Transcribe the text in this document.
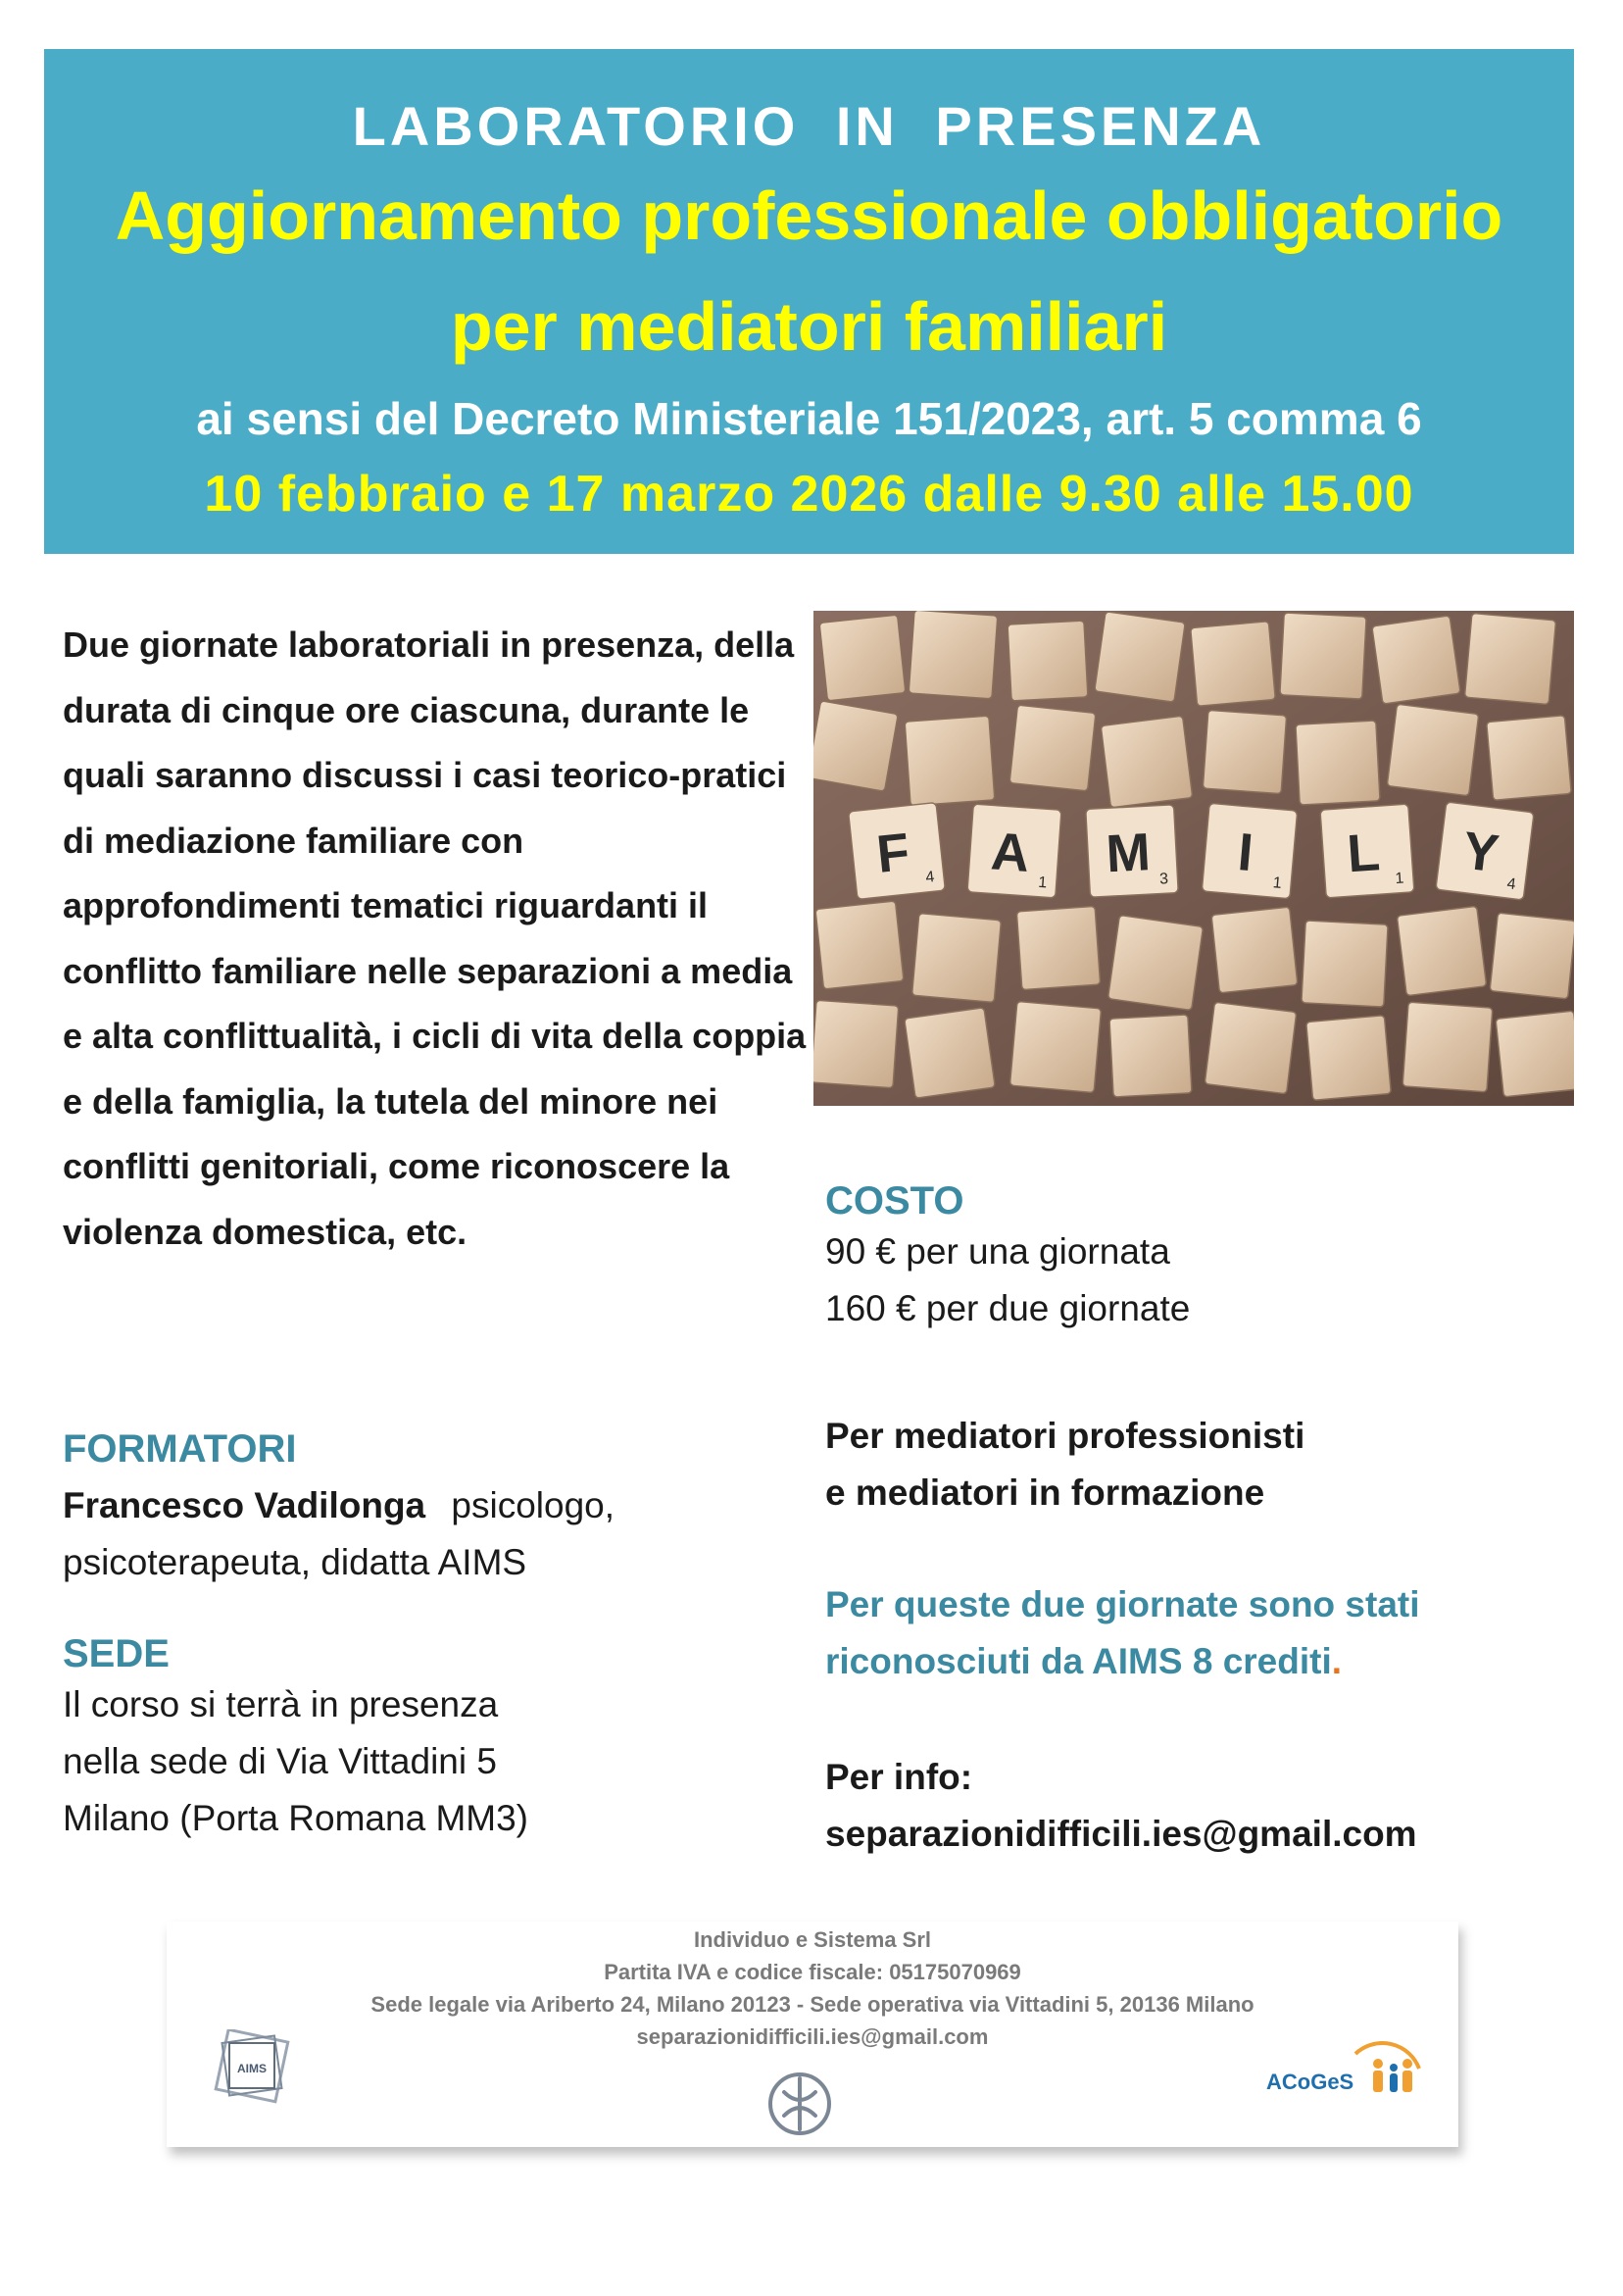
LABORATORIO IN PRESENZA
Aggiornamento professionale obbligatorio
per mediatori familiari
ai sensi del Decreto Ministeriale 151/2023, art. 5 comma 6
10 febbraio e 17 marzo 2026 dalle 9.30 alle 15.00

Due giornate laboratoriali in presenza, della durata di cinque ore ciascuna, durante le quali saranno discussi i casi teorico-pratici di mediazione familiare con approfondimenti tematici riguardanti il conflitto familiare nelle separazioni a media e alta conflittualità, i cicli di vita della coppia e della famiglia, la tutela del minore nei conflitti genitoriali, come riconoscere la violenza domestica, etc.

F 4 A 1 M 3 I
1 L 1 Y
4

FORMATORI

Francesco Vadilonga psicologo,

psicoterapeuta, didatta AIMS

SEDE

Il corso si terrà in presenza

nella sede di Via Vittadini 5

Milano (Porta Romana MM3)

COSTO

90 € per una giornata

160 € per due giornate

Per mediatori professionisti

e mediatori in formazione

Per queste due giornate sono stati

riconosciuti da AIMS 8 crediti.

Per info:

separazionidifficili.ies@gmail.com

Individuo e Sistema Srl
Partita IVA e codice fiscale: 05175070969
Sede legale via Ariberto 24, Milano 20123 - Sede operativa via Vittadini 5, 20136 Milano
separazionidifficili.ies@gmail.com
AIMS
ACoGeS
